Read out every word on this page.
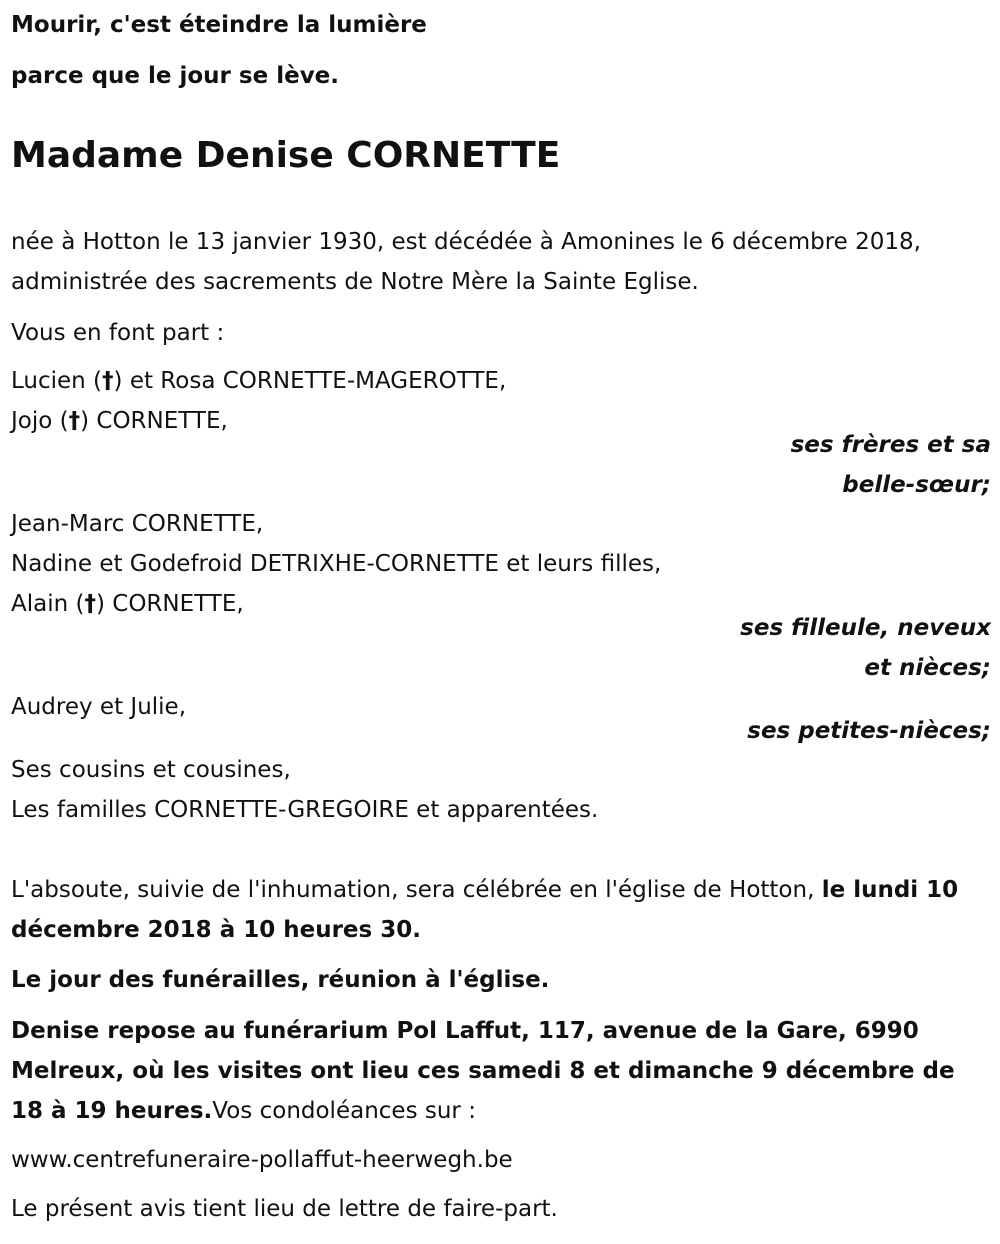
Mourir, c'est éteindre la lumière

parce que le jour se lève.

Madame Denise CORNETTE

née à Hotton le 13 janvier 1930, est décédée à Amonines le 6 décembre 2018, administrée des sacrements de Notre Mère la Sainte Eglise.

Vous en font part :

Lucien (†) et Rosa CORNETTE-MAGEROTTE,

Jojo (†) CORNETTE,

ses frères et sa

belle-sœur;

Jean-Marc CORNETTE,

Nadine et Godefroid DETRIXHE-CORNETTE et leurs filles,

Alain (†) CORNETTE,

ses filleule, neveux

et nièces;

Audrey et Julie,

ses petites-nièces;

Ses cousins et cousines,

Les familles CORNETTE-GREGOIRE et apparentées.

L'absoute, suivie de l'inhumation, sera célébrée en l'église de Hotton, le lundi 10 décembre 2018 à 10 heures 30.

Le jour des funérailles, réunion à l'église.

Denise repose au funérarium Pol Laffut, 117, avenue de la Gare, 6990 Melreux, où les visites ont lieu ces samedi 8 et dimanche 9 décembre de 18 à 19 heures.Vos condoléances sur :

www.centrefuneraire-pollaffut-heerwegh.be

Le présent avis tient lieu de lettre de faire-part.
